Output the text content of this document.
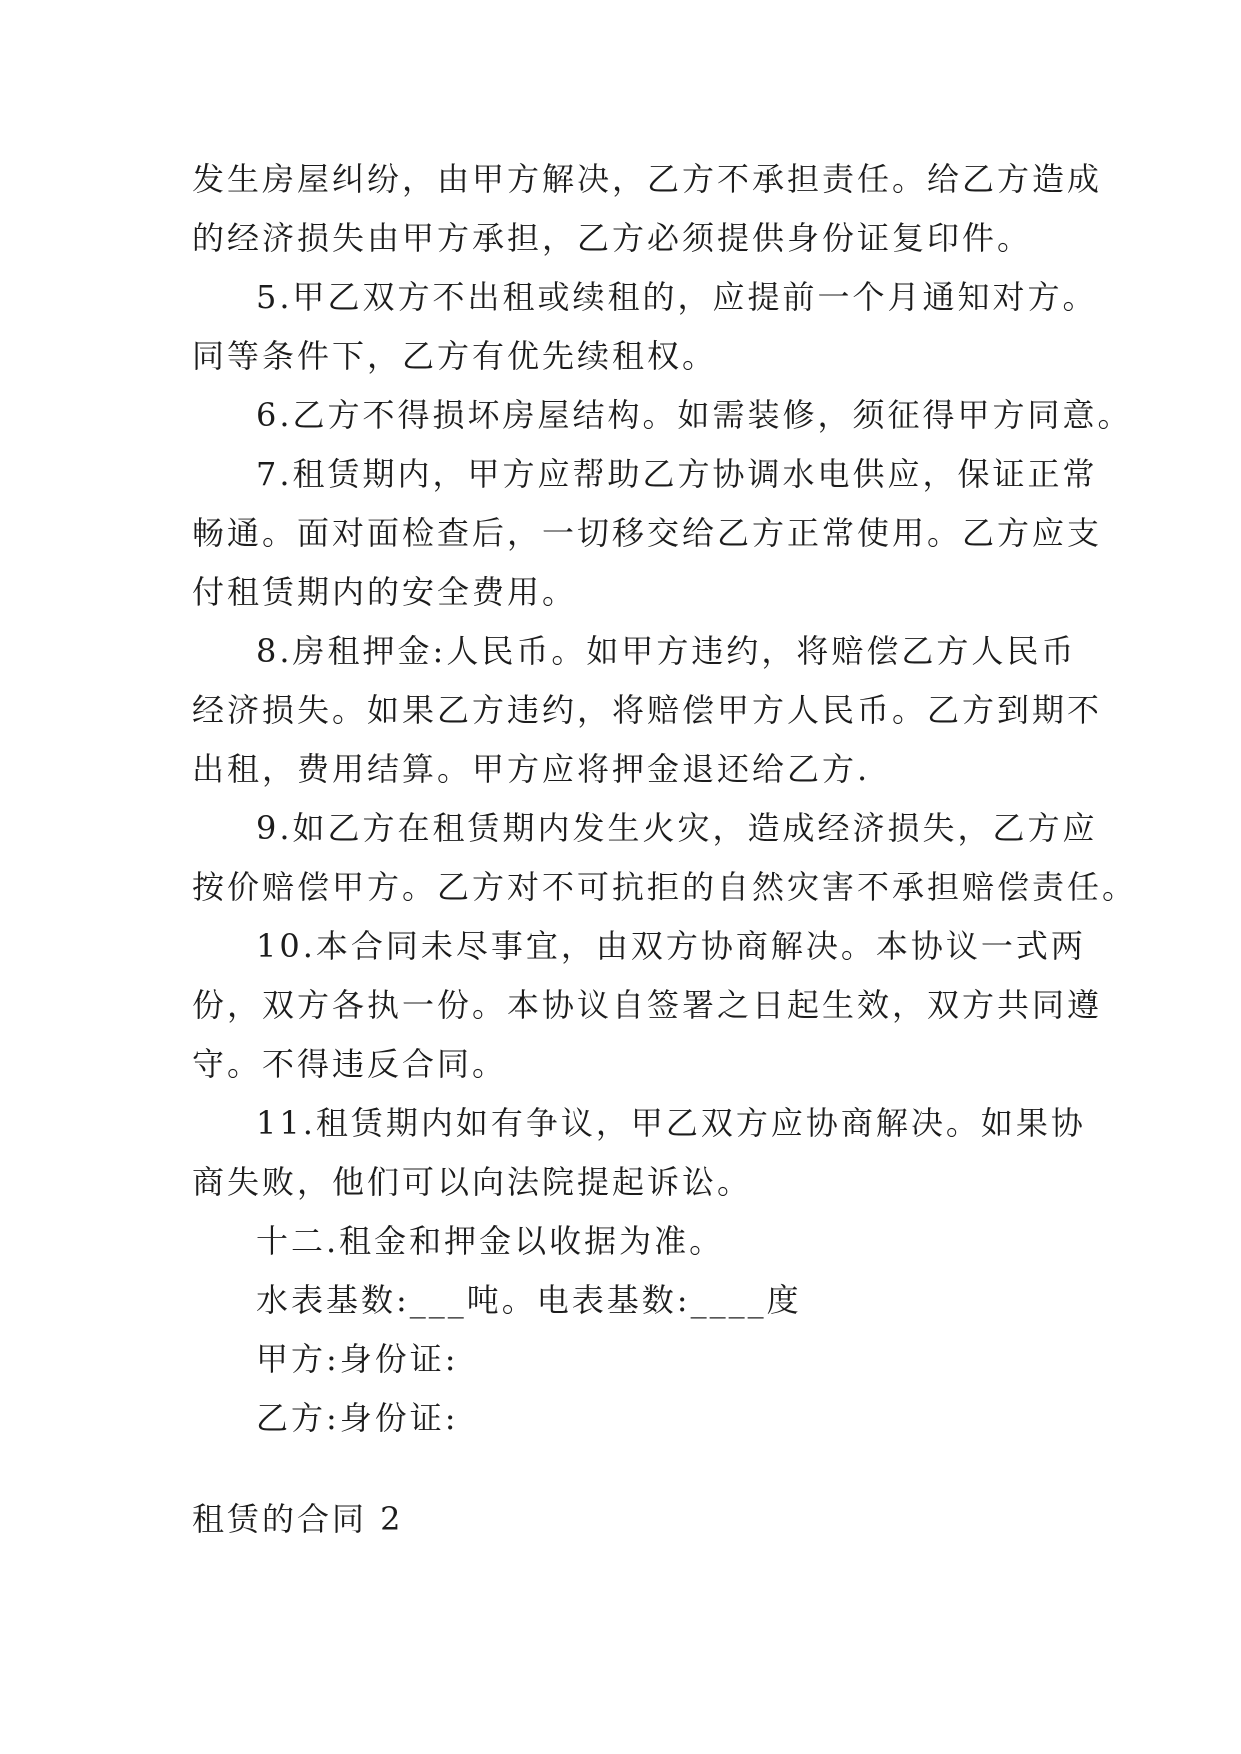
发生房屋纠纷，由甲方解决，乙方不承担责任。给乙方造成

的经济损失由甲方承担，乙方必须提供身份证复印件。

5.甲乙双方不出租或续租的，应提前一个月通知对方。

同等条件下，乙方有优先续租权。

6.乙方不得损坏房屋结构。如需装修，须征得甲方同意。

7.租赁期内，甲方应帮助乙方协调水电供应，保证正常

畅通。面对面检查后，一切移交给乙方正常使用。乙方应支

付租赁期内的安全费用。

8.房租押金:人民币。如甲方违约，将赔偿乙方人民币

经济损失。如果乙方违约，将赔偿甲方人民币。乙方到期不

出租，费用结算。甲方应将押金退还给乙方.

9.如乙方在租赁期内发生火灾，造成经济损失，乙方应

按价赔偿甲方。乙方对不可抗拒的自然灾害不承担赔偿责任。

10.本合同未尽事宜，由双方协商解决。本协议一式两

份，双方各执一份。本协议自签署之日起生效，双方共同遵

守。不得违反合同。

11.租赁期内如有争议，甲乙双方应协商解决。如果协

商失败，他们可以向法院提起诉讼。

十二.租金和押金以收据为准。

水表基数:___吨。电表基数:____度

甲方:身份证:

乙方:身份证:

租赁的合同 2
